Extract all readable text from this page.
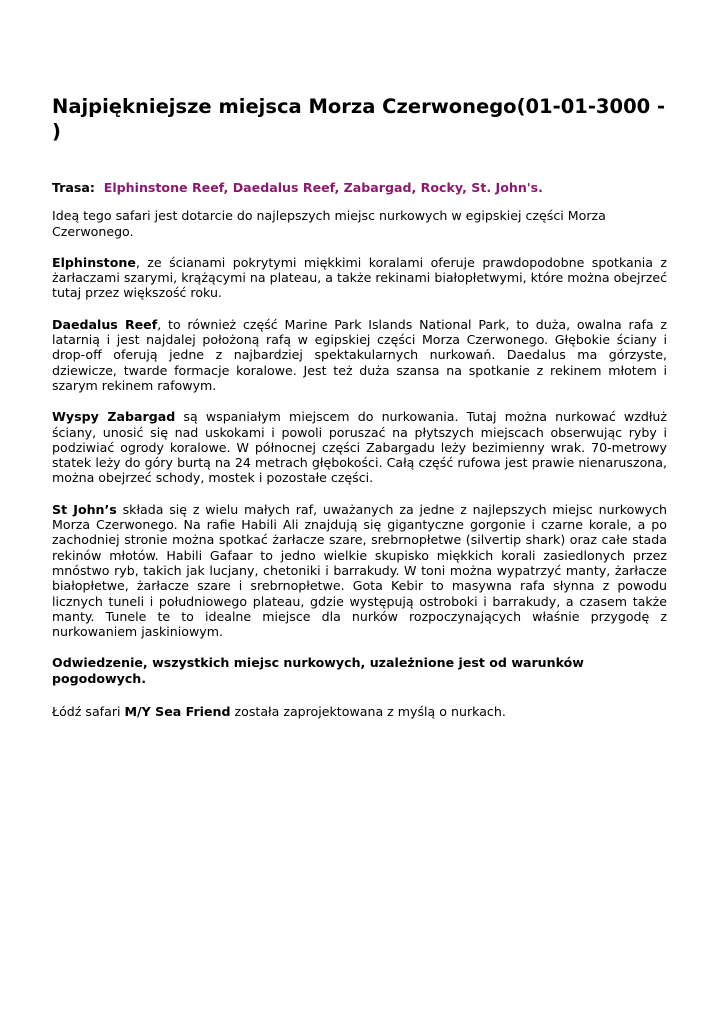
Najpiękniejsze miejsca Morza Czerwonego(01-01-3000 - )

Trasa: Elphinstone Reef, Daedalus Reef, Zabargad, Rocky, St. John's.

Ideą tego safari jest dotarcie do najlepszych miejsc nurkowych w egipskiej części Morza Czerwonego.

Elphinstone, ze ścianami pokrytymi miękkimi koralami oferuje prawdopodobne spotkania z żarłaczami szarymi, krążącymi na plateau, a także rekinami białopłetwymi, które można obejrzeć tutaj przez większość roku.

Daedalus Reef, to również część Marine Park Islands National Park, to duża, owalna rafa z latarnią i jest najdalej położoną rafą w egipskiej części Morza Czerwonego. Głębokie ściany i drop-off oferują jedne z najbardziej spektakularnych nurkowań. Daedalus ma górzyste, dziewicze, twarde formacje koralowe. Jest też duża szansa na spotkanie z rekinem młotem i szarym rekinem rafowym.

Wyspy Zabargad są wspaniałym miejscem do nurkowania. Tutaj można nurkować wzdłuż ściany, unosić się nad uskokami i powoli poruszać na płytszych miejscach obserwując ryby i podziwiać ogrody koralowe. W północnej części Zabargadu leży bezimienny wrak. 70-metrowy statek leży do góry burtą na 24 metrach głębokości. Całą część rufowa jest prawie nienaruszona, można obejrzeć schody, mostek i pozostałe części.

St John’s składa się z wielu małych raf, uważanych za jedne z najlepszych miejsc nurkowych Morza Czerwonego. Na rafie Habili Ali znajdują się gigantyczne gorgonie i czarne korale, a po zachodniej stronie można spotkać żarłacze szare, srebrnopłetwe (silvertip shark) oraz całe stada rekinów młotów. Habili Gafaar to jedno wielkie skupisko miękkich korali zasiedlonych przez mnóstwo ryb, takich jak lucjany, chetoniki i barrakudy. W toni można wypatrzyć manty, żarłacze białopłetwe, żarłacze szare i srebrnopłetwe. Gota Kebir to masywna rafa słynna z powodu licznych tuneli i południowego plateau, gdzie występują ostroboki i barrakudy, a czasem także manty. Tunele te to idealne miejsce dla nurków rozpoczynających właśnie przygodę z nurkowaniem jaskiniowym.

Odwiedzenie, wszystkich miejsc nurkowych, uzależnione jest od warunków pogodowych.

Łódź safari M/Y Sea Friend została zaprojektowana z myślą o nurkach.
